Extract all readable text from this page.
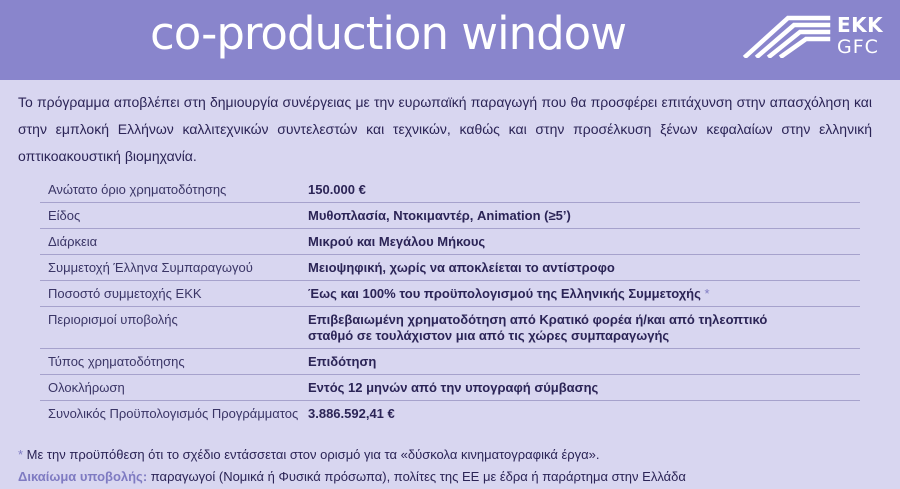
co-production window	EKK
GFC
Το πρόγραμμα αποβλέπει στη δημιουργία συνέργειας με την ευρωπαϊκή παραγωγή που θα προσφέρει επιτάχυνση στην απασχόληση και στην εμπλοκή Ελλήνων καλλιτεχνικών συντελεστών και τεχνικών, καθώς και στην προσέλκυση ξένων κεφαλαίων στην ελληνική οπτικοακουστική βιομηχανία.
Ανώτατο όριο χρηματοδότησης	150.000 €
Είδος	Μυθοπλασία, Ντοκιμαντέρ, Animation (≥5’)
Διάρκεια	Μικρού και Μεγάλου Μήκους
Συμμετοχή Έλληνα Συμπαραγωγού	Μειοψηφική, χωρίς να αποκλείεται το αντίστροφο
Ποσοστό συμμετοχής ΕΚΚ	Έως και 100% του προϋπολογισμού της Ελληνικής Συμμετοχής *
Περιορισμοί υποβολής	Επιβεβαιωμένη χρηματοδότηση από Κρατικό φορέα ή/και από τηλεοπτικό
σταθμό σε τουλάχιστον μια από τις χώρες συμπαραγωγής
Τύπος χρηματοδότησης	Επιδότηση
Ολοκλήρωση	Εντός 12 μηνών από την υπογραφή σύμβασης
Συνολικός Προϋπολογισμός Προγράμματος 3.886.592,41 €
* Με την προϋπόθεση ότι το σχέδιο εντάσσεται στον ορισμό για τα «δύσκολα κινηματογραφικά έργα».
Δικαίωμα υποβολής: παραγωγοί (Νομικά ή Φυσικά πρόσωπα), πολίτες της ΕΕ με έδρα ή παράρτημα στην Ελλάδα
